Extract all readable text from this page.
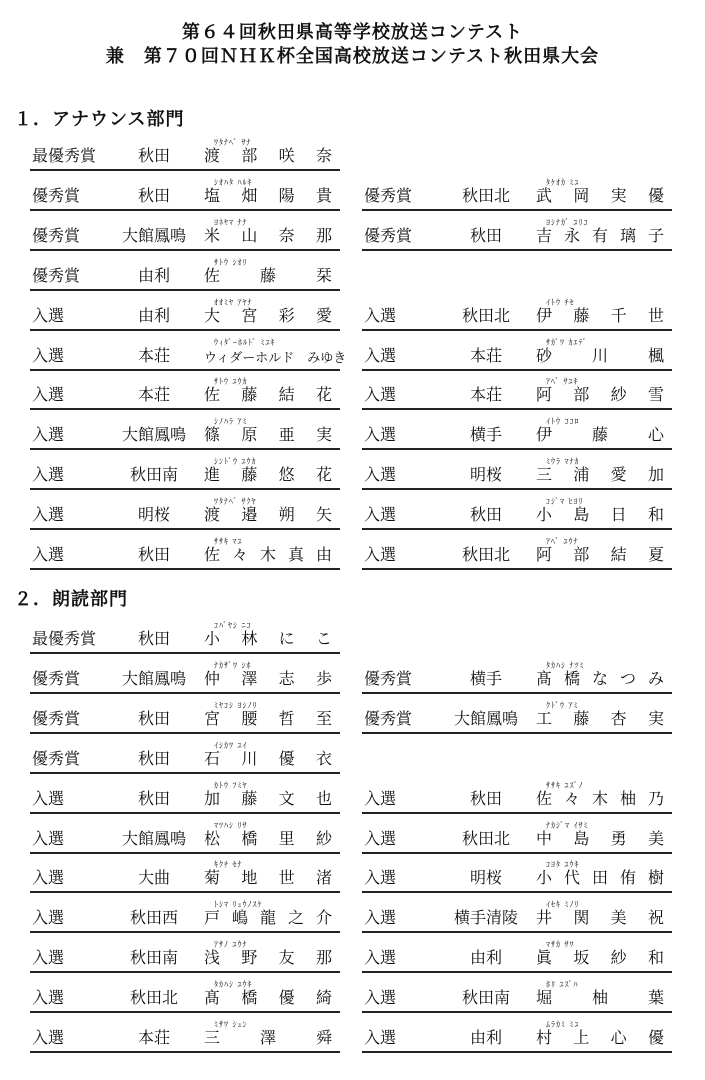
第６４回秋田県高等学校放送コンテスト
兼　第７０回ＮＨＫ杯全国高校放送コンテスト秋田県大会
１．アナウンス部門
ﾜﾀﾅﾍﾞ ｻﾅ
最優秀賞	秋田	渡部咲奈
ｼｵﾊﾀ ﾊﾙｷ
優秀賞	秋田	塩畑陽貴
ﾀｹｵｶ ﾐﾕ
優秀賞	秋田北	武岡実優
ﾖﾈﾔﾏ ﾅﾅ
優秀賞	大館鳳鳴	米山奈那
ﾖｼﾅｶﾞ ﾕﾘｺ
優秀賞	秋田	吉永有璃子
ｻﾄｳ ｼｵﾘ
優秀賞	由利	佐藤栞
ｵｵﾐﾔ ｱﾔﾅ
入選	由利	大宮彩愛
ｲﾄｳ ﾁｾ
入選	秋田北	伊藤千世
ｳｨﾀﾞｰﾎﾙﾄﾞ ﾐﾕｷ
入選	本荘	ウィダーホルド　みゆき
ｻｶﾞﾜ ｶｴﾃﾞ
入選	本荘	砂川楓
ｻﾄｳ ﾕｳｶ
入選	本荘	佐藤結花
ｱﾍﾞ ｻﾕｷ
入選	本荘	阿部紗雪
ｼﾉﾊﾗ ｱﾐ
入選	大館鳳鳴	篠原亜実
ｲﾄｳ ｺｺﾛ
入選	横手	伊藤心
ｼﾝﾄﾞｳ ﾕｳｶ
入選	秋田南	進藤悠花
ﾐｳﾗ ﾏﾅｶ
入選	明桜	三浦愛加
ﾜﾀﾅﾍﾞ ｻｸﾔ
入選	明桜	渡邉朔矢
ｺｼﾞﾏ ﾋﾖﾘ
入選	秋田	小島日和
ｻｻｷ ﾏﾕ
入選	秋田	佐々木真由
ｱﾍﾞ ﾕｳﾅ
入選	秋田北	阿部結夏
２．朗読部門
ｺﾊﾞﾔｼ ﾆｺ
最優秀賞	秋田	小林にこ
ﾅｶｻﾞﾜ ｼﾎ
優秀賞	大館鳳鳴	仲澤志歩
ﾀｶﾊｼ ﾅﾂﾐ
優秀賞	横手	髙橋なつみ
ﾐﾔｺｼ ﾖｼﾉﾘ
優秀賞	秋田	宮腰哲至
ｸﾄﾞｳ ｱﾐ
優秀賞	大館鳳鳴	工藤杏実
ｲｼｶﾜ ﾕｲ
優秀賞	秋田	石川優衣
ｶﾄｳ ﾌﾐﾔ
入選	秋田	加藤文也
ｻｻｷ ﾕｽﾞﾉ
入選	秋田	佐々木柚乃
ﾏﾂﾊｼ ﾘｻ
入選	大館鳳鳴	松橋里紗
ﾅｶｼﾞﾏ ｲｻﾐ
入選	秋田北	中島勇美
ｷｸﾁ ｾﾅ
入選	大曲	菊地世渚
ｺﾖﾀ ﾕｳｷ
入選	明桜	小代田侑樹
ﾄｼﾏ ﾘｭｳﾉｽｹ
入選	秋田西	戸嶋龍之介
ｲｾｷ ﾐﾉﾘ
入選	横手清陵	井関美祝
ｱｻﾉ ﾕｳﾅ
入選	秋田南	浅野友那
ﾏｻｶ ｻﾜ
入選	由利	眞坂紗和
ﾀｶﾊｼ ﾕｳｷ
入選	秋田北	髙橋優綺
ﾎﾘ ﾕｽﾞﾊ
入選	秋田南	堀柚葉
ﾐｻﾜ ｼｭﾝ
入選	本荘	三澤舜
ﾑﾗｶﾐ ﾐﾕ
入選	由利	村上心優
